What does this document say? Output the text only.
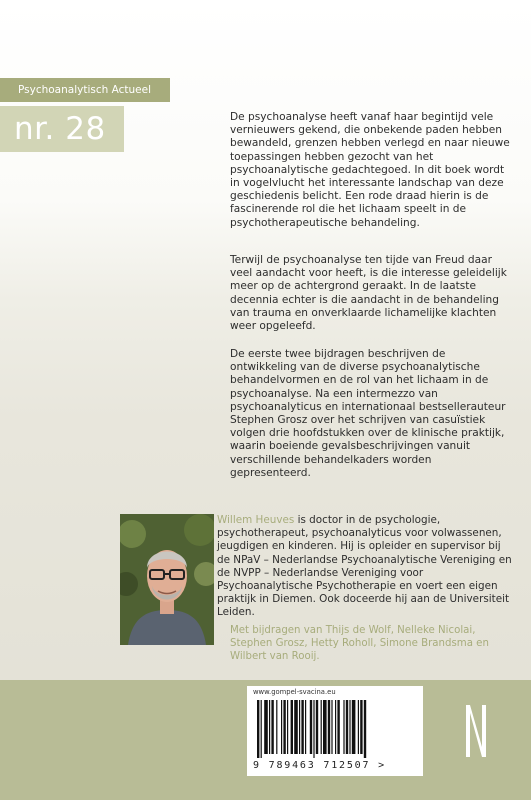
Psychoanalytisch Actueel
nr. 28	De psychoanalyse heeft vanaf haar begintijd vele vernieuwers gekend, die onbekende paden hebben bewandeld, grenzen hebben verlegd en naar nieuwe toepassingen hebben gezocht van het psychoanalytische gedachtegoed. In dit boek wordt in vogelvlucht het interessante landschap van deze geschiedenis belicht. Een rode draad hierin is de fascinerende rol die het lichaam speelt in de psychotherapeutische behandeling.

Terwijl de psychoanalyse ten tijde van Freud daar veel aandacht voor heeft, is die interesse geleidelijk meer op de achtergrond geraakt. In de laatste decennia echter is die aandacht in de behandeling van trauma en onverklaarde lichamelijke klachten weer opgeleefd.

De eerste twee bijdragen beschrijven de ontwikkeling van de diverse psychoanalytische behandelvormen en de rol van het lichaam in de psychoanalyse. Na een intermezzo van psychoanalyticus en internationaal bestsellerauteur Stephen Grosz over het schrijven van casuïstiek volgen drie hoofdstukken over de klinische praktijk, waarin boeiende gevalsbeschrijvingen vanuit verschillende behandelkaders worden gepresenteerd.

Willem Heuves is doctor in de psychologie, psychotherapeut, psychoanalyticus voor volwassenen, jeugdigen en kinderen. Hij is opleider en supervisor bij de NPaV – Nederlandse Psychoanalytische Vereniging en de NVPP – Nederlandse Vereniging voor Psychoanalytische Psychotherapie en voert een eigen praktijk in Diemen. Ook doceerde hij aan de Universiteit Leiden.

Met bijdragen van Thijs de Wolf, Nelleke Nicolai, Stephen Grosz, Hetty Roholl, Simone Brandsma en Wilbert van Rooij.

www.gompel-svacina.eu
9 789463 712507 >
